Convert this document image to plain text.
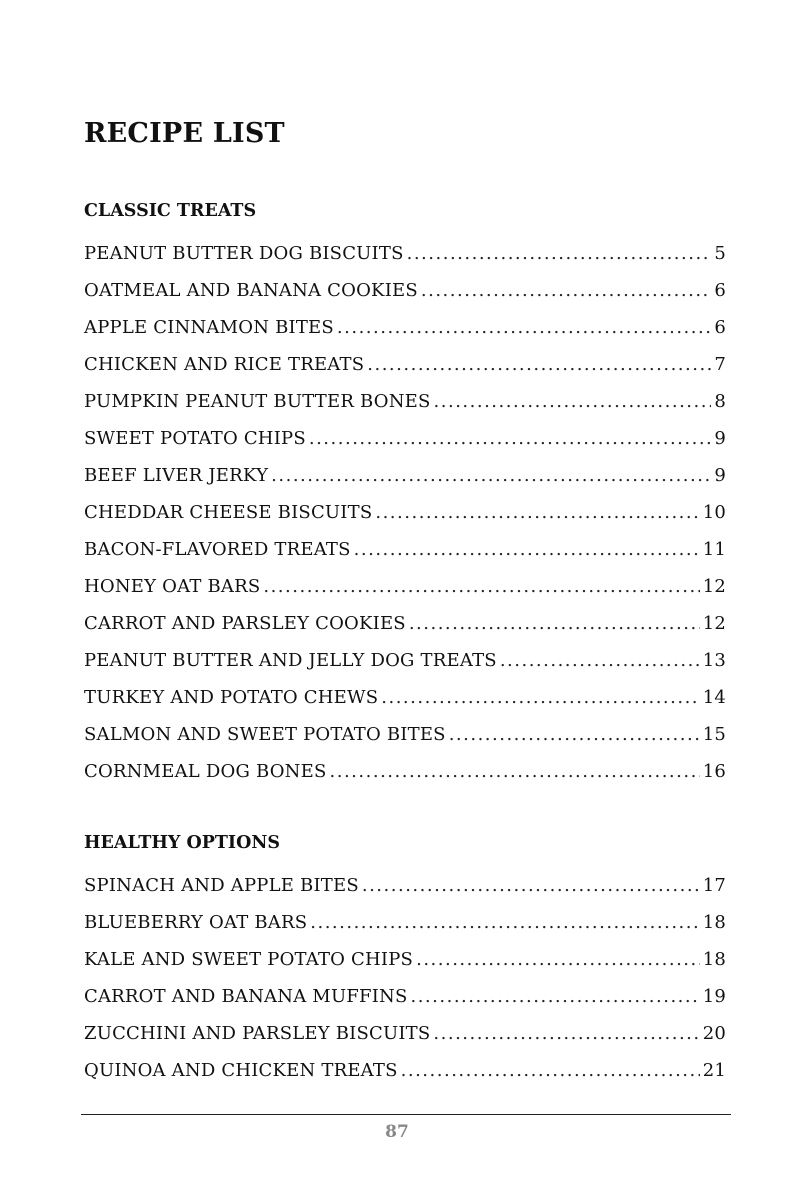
RECIPE LIST
CLASSIC TREATS
PEANUT BUTTER DOG BISCUITS .....	5
OATMEAL AND BANANA COOKIES .....	6
APPLE CINNAMON BITES .....	6
CHICKEN AND RICE TREATS .....	7
PUMPKIN PEANUT BUTTER BONES .....	8
SWEET POTATO CHIPS .....	9
BEEF LIVER JERKY .....	9
CHEDDAR CHEESE BISCUITS .....	10
BACON-FLAVORED TREATS .....	11
HONEY OAT BARS .....	12
CARROT AND PARSLEY COOKIES .....	12
PEANUT BUTTER AND JELLY DOG TREATS .....	13
TURKEY AND POTATO CHEWS .....	14
SALMON AND SWEET POTATO BITES .....	15
CORNMEAL DOG BONES .....	16
HEALTHY OPTIONS
SPINACH AND APPLE BITES .....	17
BLUEBERRY OAT BARS .....	18
KALE AND SWEET POTATO CHIPS .....	18
CARROT AND BANANA MUFFINS .....	19
ZUCCHINI AND PARSLEY BISCUITS .....	20
QUINOA AND CHICKEN TREATS .....	21
87
